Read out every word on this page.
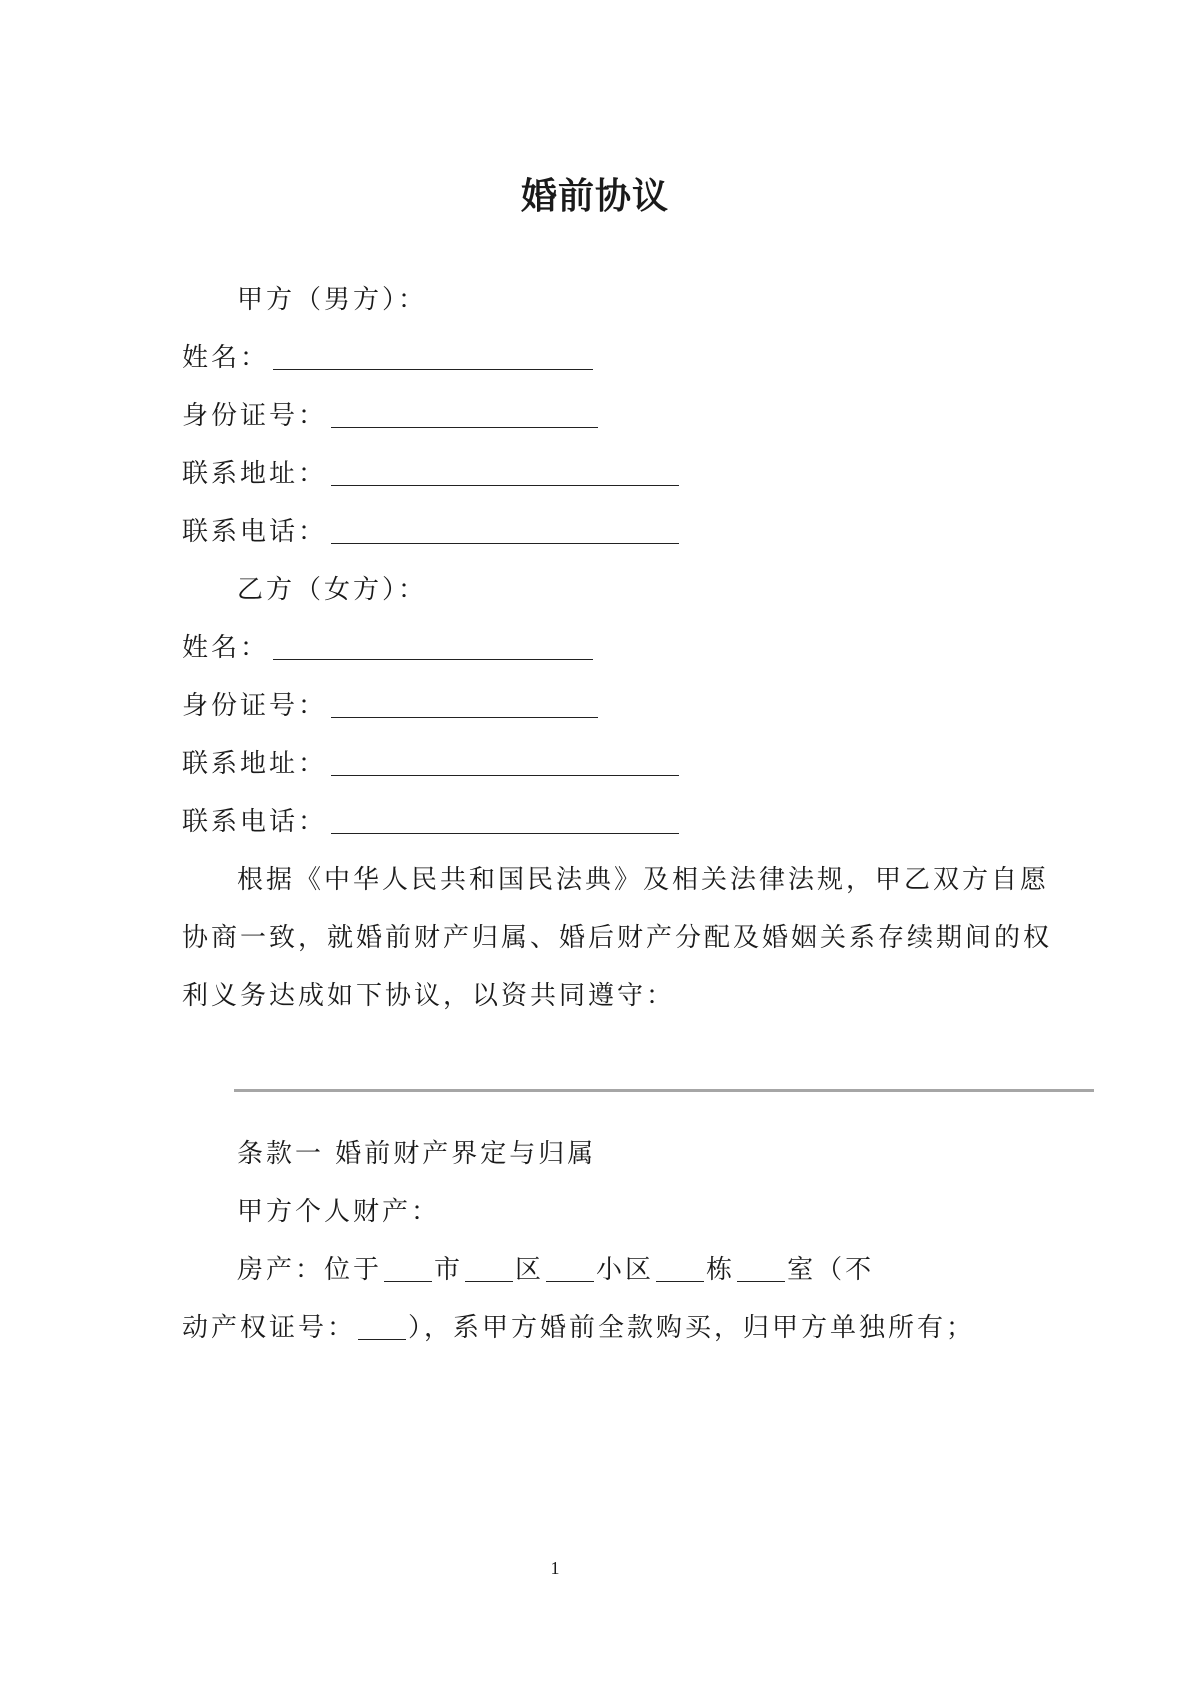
婚前协议
甲方（男方）：
姓名：
身份证号：
联系地址：
联系电话：
乙方（女方）：
姓名：
身份证号：
联系地址：
联系电话：
根据《中华人民共和国民法典》及相关法律法规，甲乙双方自愿
协商一致，就婚前财产归属、婚后财产分配及婚姻关系存续期间的权
利义务达成如下协议，以资共同遵守：
条款一 婚前财产界定与归属
甲方个人财产：
房产：位于 市 区 小区 栋 室（不
动产权证号： ），系甲方婚前全款购买，归甲方单独所有；
1
